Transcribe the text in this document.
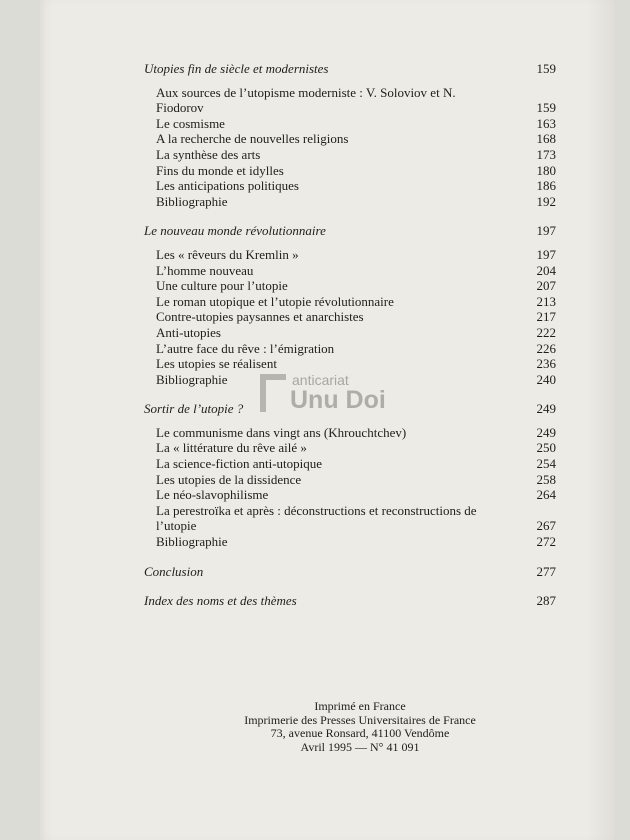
Utopies fin de siècle et modernistes	159
Aux sources de l’utopisme moderniste : V. Soloviov et N. Fiodorov	159
Le cosmisme	163
A la recherche de nouvelles religions	168
La synthèse des arts	173
Fins du monde et idylles	180
Les anticipations politiques	186
Bibliographie	192
Le nouveau monde révolutionnaire	197
Les « rêveurs du Kremlin »	197
L’homme nouveau	204
Une culture pour l’utopie	207
Le roman utopique et l’utopie révolutionnaire	213
Contre-utopies paysannes et anarchistes	217
Anti-utopies	222
L’autre face du rêve : l’émigration	226
Les utopies se réalisent	236
Bibliographie	240
Sortir de l’utopie ?	249
Le communisme dans vingt ans (Khrouchtchev)	249
La « littérature du rêve ailé »	250
La science-fiction anti-utopique	254
Les utopies de la dissidence	258
Le néo-slavophilisme	264
La perestroïka et après : déconstructions et reconstructions de l’utopie	267
Bibliographie	272
Conclusion	277
Index des noms et des thèmes	287
anticariat
Unu Doi
Imprimé en France
Imprimerie des Presses Universitaires de France
73, avenue Ronsard, 41100 Vendôme
Avril 1995 — N° 41 091
